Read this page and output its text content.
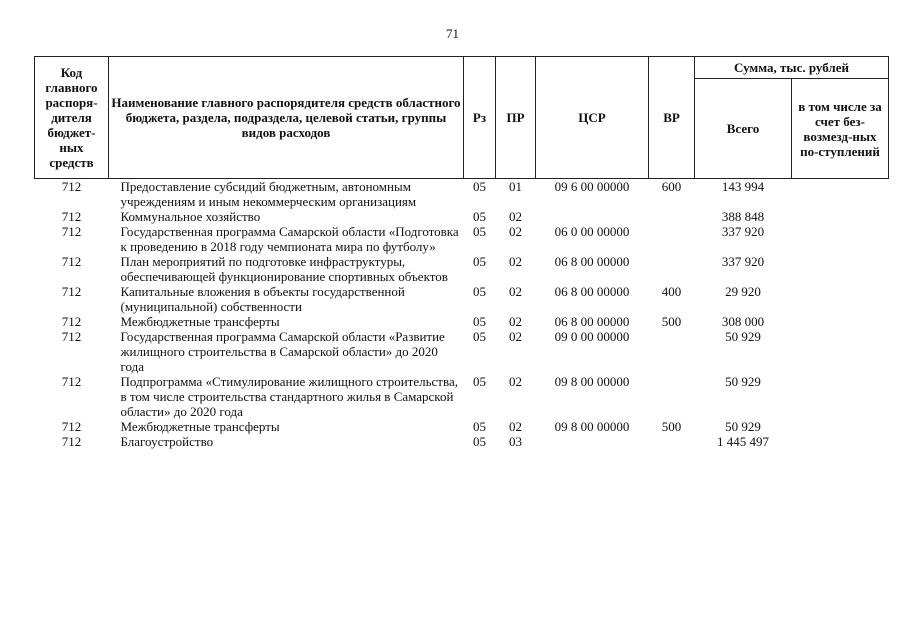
71
Код главного распоря-дителя бюджет-ных средств	Наименование главного распорядителя средств областного бюджета, раздела, подраздела, целевой статьи, группы видов расходов	Рз	ПР	ЦСР	ВР	Сумма, тыс. рублей	
						Всего	в том числе за счет без-возмезд-ных по-ступлений
712	Предоставление субсидий бюджетным, автономным учреждениям и иным некоммерческим организациям	05	01	09 6 00 00000	600	143 994	
712	Коммунальное хозяйство	05	02			388 848	
712	Государственная программа Самарской области «Подготовка к проведению в 2018 году чемпионата мира по футболу»	05	02	06 0 00 00000		337 920	
712	План мероприятий по подготовке инфраструктуры, обеспечивающей функционирование спортивных объектов	05	02	06 8 00 00000		337 920	
712	Капитальные вложения в объекты государственной (муниципальной) собственности	05	02	06 8 00 00000	400	29 920	
712	Межбюджетные трансферты	05	02	06 8 00 00000	500	308 000	
712	Государственная программа Самарской области «Развитие жилищного строительства в Самарской области» до 2020 года	05	02	09 0 00 00000		50 929	
712	Подпрограмма «Стимулирование жилищного строительства, в том числе строительства стандартного жилья в Самарской области» до 2020 года	05	02	09 8 00 00000		50 929	
712	Межбюджетные трансферты	05	02	09 8 00 00000	500	50 929	
712	Благоустройство	05	03			1 445 497	
